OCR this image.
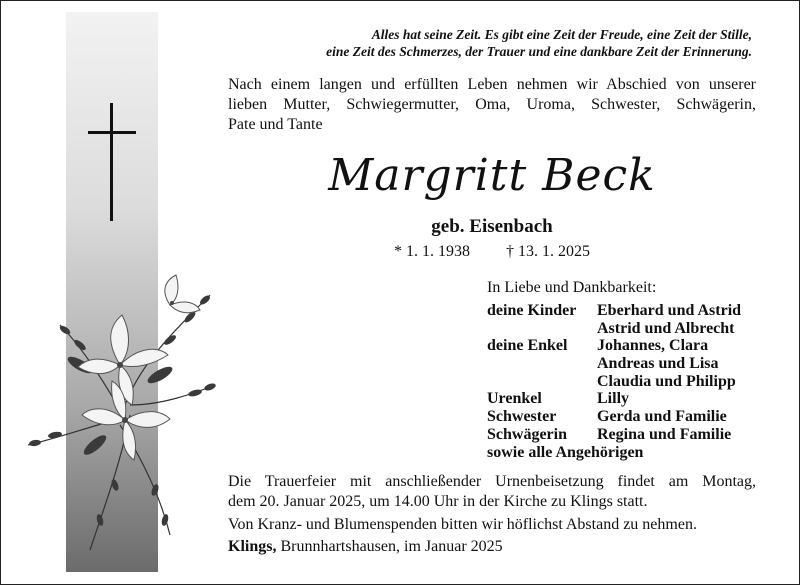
Alles hat seine Zeit. Es gibt eine Zeit der Freude, eine Zeit der Stille,
eine Zeit des Schmerzes, der Trauer und eine dankbare Zeit der Erinnerung.
Nach einem langen und erfüllten Leben nehmen wir Abschied von unserer
lieben Mutter, Schwiegermutter, Oma, Uroma, Schwester, Schwägerin,
Pate und Tante
Margritt Beck
geb. Eisenbach
* 1. 1. 1938 † 13. 1. 2025
In Liebe und Dankbarkeit:
deine Kinder Eberhard und Astrid
Astrid und Albrecht
deine Enkel Johannes, Clara
Andreas und Lisa
Claudia und Philipp
Urenkel	Lilly
Schwester	Gerda und Familie
Schwägerin Regina und Familie
sowie alle Angehörigen
Die Trauerfeier mit anschließender Urnenbeisetzung findet am Montag,
dem 20. Januar 2025, um 14.00 Uhr in der Kirche zu Klings statt.
Von Kranz- und Blumenspenden bitten wir höflichst Abstand zu nehmen.
Klings, Brunnhartshausen, im Januar 2025
